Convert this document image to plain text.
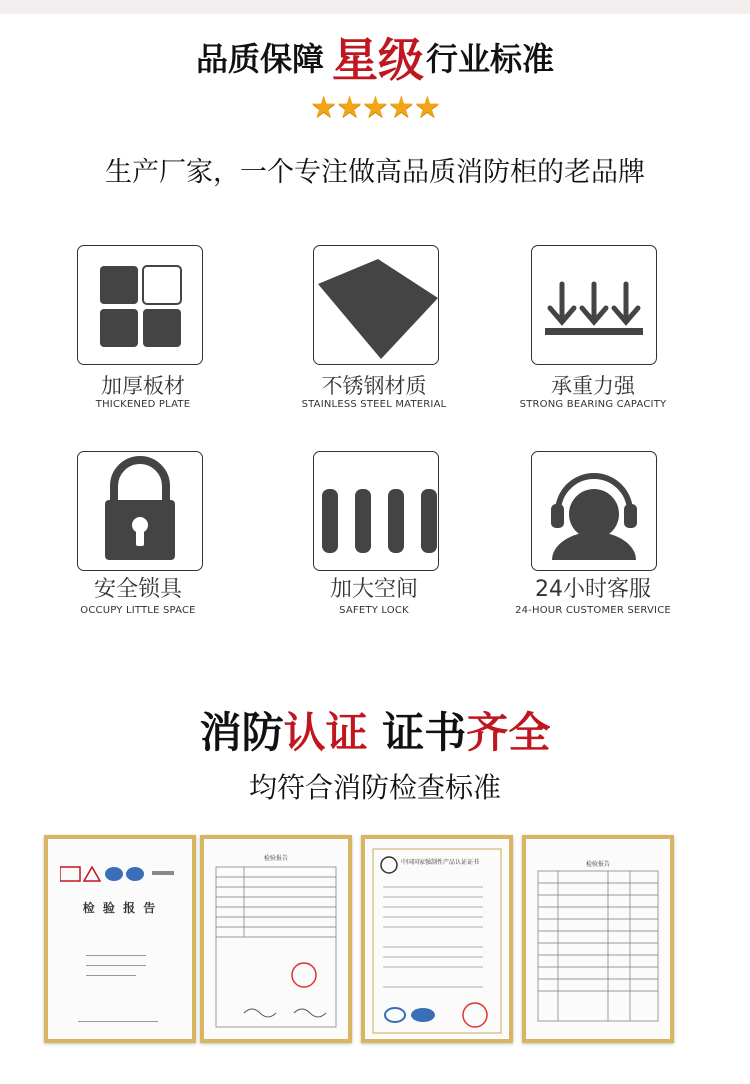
品质保障 星级行业标准
★★★★★
生产厂家，一个专注做高品质消防柜的老品牌
加厚板材
THICKENED PLATE
不锈钢材质
STAINLESS STEEL MATERIAL
承重力强
STRONG BEARING CAPACITY
安全锁具
OCCUPY LITTLE SPACE
加大空间
SAFETY LOCK
24小时客服
24-HOUR CUSTOMER SERVICE
消防认证 证书齐全
均符合消防检查标准
检 验 报 告
检验报告
中国国家强制性产品认证证书	检验报告
